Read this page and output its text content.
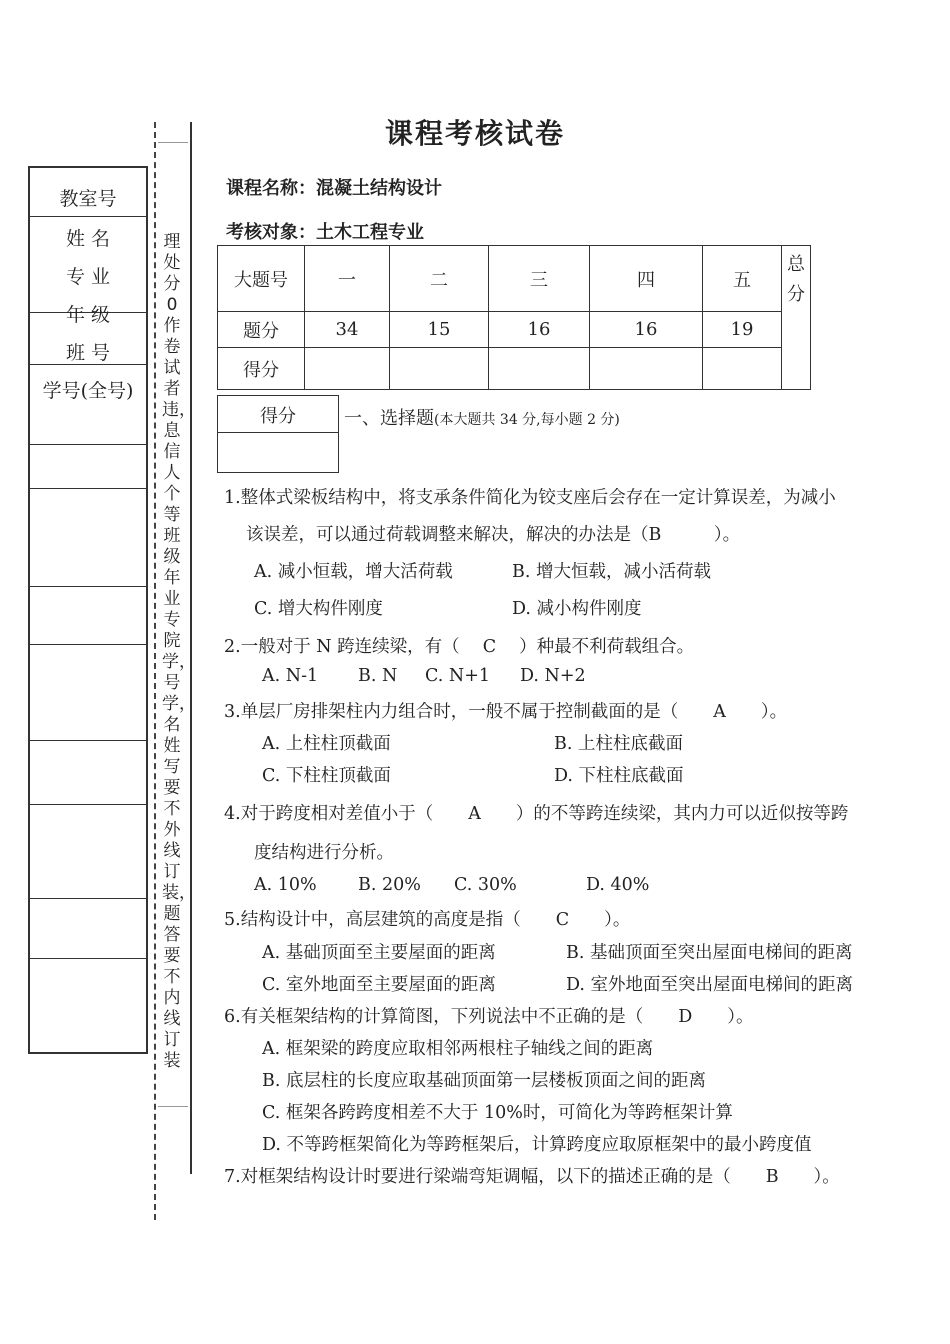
教室号
姓 名
专 业
年 级
班 号
学号(全号)
理处分0作卷试者违，息信人个等班级年业专院学，号学，名姓写要不外线订装，题答要不内线订装
课程考核试卷
课程名称：混凝土结构设计
考核对象：土木工程专业
大题号	一	二	三	四	五	总分

题分	34	15	16	16	19	
得分						
得分	一、选择题(本大题共 34 分,每小题 2 分)
1.整体式梁板结构中，将支承条件简化为铰支座后会存在一定计算误差，为减小
该误差，可以通过荷载调整来解决，解决的办法是（B　　　）。
A. 减小恒载，增大活荷载	B. 增大恒载，减小活荷载
C. 增大构件刚度	D. 减小构件刚度
2.一般对于 N 跨连续梁，有（　 C　 ）种最不利荷载组合。
A. N-1 B. N C. N+1 D. N+2
3.单层厂房排架柱内力组合时，一般不属于控制截面的是（　　A　　）。
A. 上柱柱顶截面	B. 上柱柱底截面
C. 下柱柱顶截面	D. 下柱柱底截面
4.对于跨度相对差值小于（　　A　　）的不等跨连续梁，其内力可以近似按等跨
度结构进行分析。
A. 10% B. 20% C. 30%	D. 40%
5.结构设计中，高层建筑的高度是指（　　C　　）。
A. 基础顶面至主要屋面的距离	B. 基础顶面至突出屋面电梯间的距离
C. 室外地面至主要屋面的距离	D. 室外地面至突出屋面电梯间的距离
6.有关框架结构的计算简图，下列说法中不正确的是（　　D　　）。
A. 框架梁的跨度应取相邻两根柱子轴线之间的距离
B. 底层柱的长度应取基础顶面第一层楼板顶面之间的距离
C. 框架各跨跨度相差不大于 10%时，可简化为等跨框架计算
D. 不等跨框架简化为等跨框架后，计算跨度应取原框架中的最小跨度值
7.对框架结构设计时要进行梁端弯矩调幅，以下的描述正确的是（　　B　　）。
